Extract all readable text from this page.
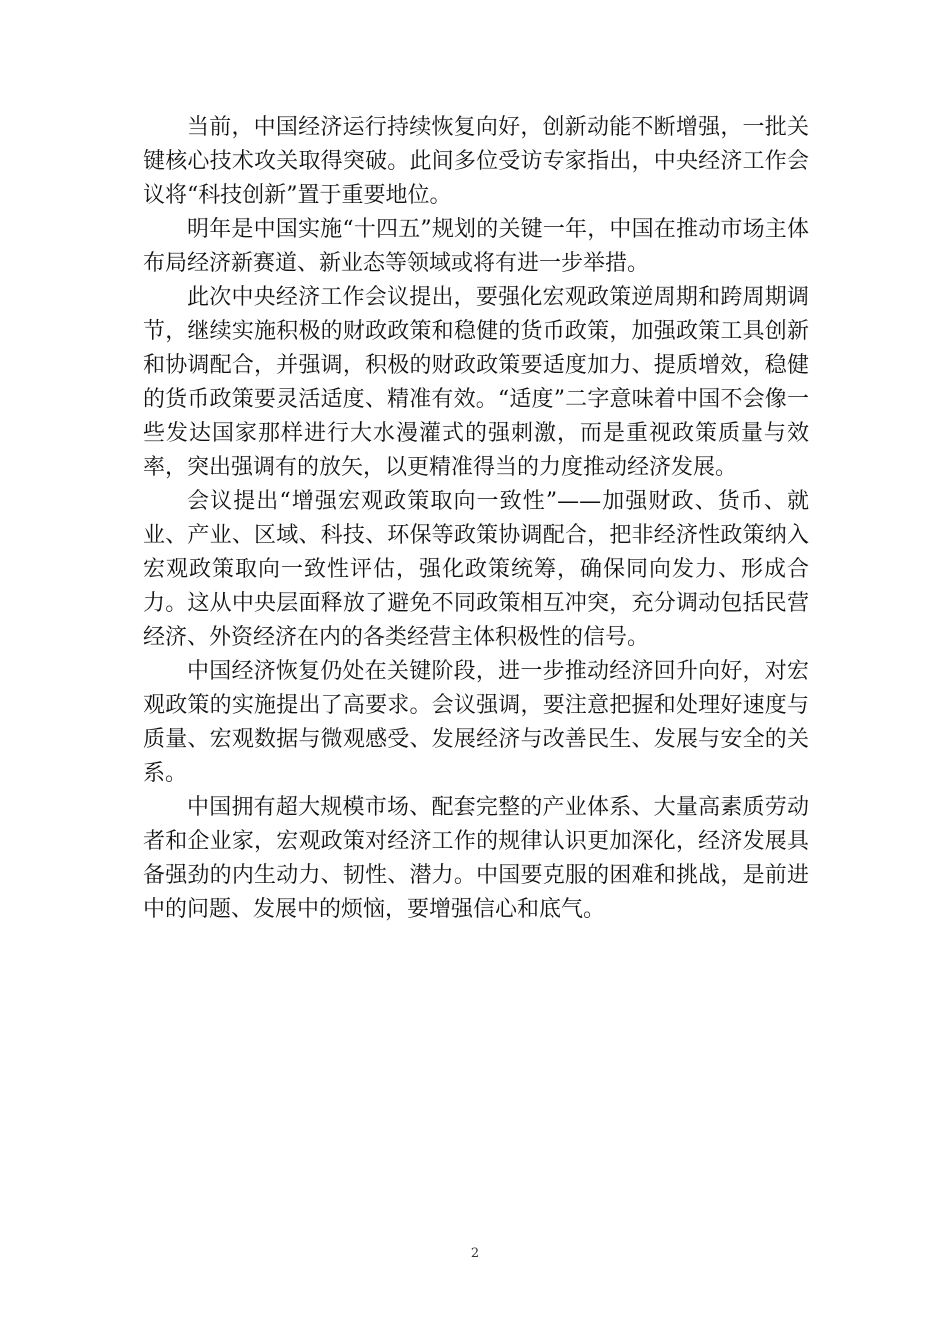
当前，中国经济运行持续恢复向好，创新动能不断增强，一批关键核心技术攻关取得突破。此间多位受访专家指出，中央经济工作会议将“科技创新”置于重要地位。

明年是中国实施“十四五”规划的关键一年，中国在推动市场主体布局经济新赛道、新业态等领域或将有进一步举措。

此次中央经济工作会议提出，要强化宏观政策逆周期和跨周期调节，继续实施积极的财政政策和稳健的货币政策，加强政策工具创新和协调配合，并强调，积极的财政政策要适度加力、提质增效，稳健的货币政策要灵活适度、精准有效。“适度”二字意味着中国不会像一些发达国家那样进行大水漫灌式的强刺激，而是重视政策质量与效率，突出强调有的放矢，以更精准得当的力度推动经济发展。

会议提出“增强宏观政策取向一致性”——加强财政、货币、就业、产业、区域、科技、环保等政策协调配合，把非经济性政策纳入宏观政策取向一致性评估，强化政策统筹，确保同向发力、形成合力。这从中央层面释放了避免不同政策相互冲突，充分调动包括民营经济、外资经济在内的各类经营主体积极性的信号。

中国经济恢复仍处在关键阶段，进一步推动经济回升向好，对宏观政策的实施提出了高要求。会议强调，要注意把握和处理好速度与质量、宏观数据与微观感受、发展经济与改善民生、发展与安全的关系。

中国拥有超大规模市场、配套完整的产业体系、大量高素质劳动者和企业家，宏观政策对经济工作的规律认识更加深化，经济发展具备强劲的内生动力、韧性、潜力。中国要克服的困难和挑战，是前进中的问题、发展中的烦恼，要增强信心和底气。

2
